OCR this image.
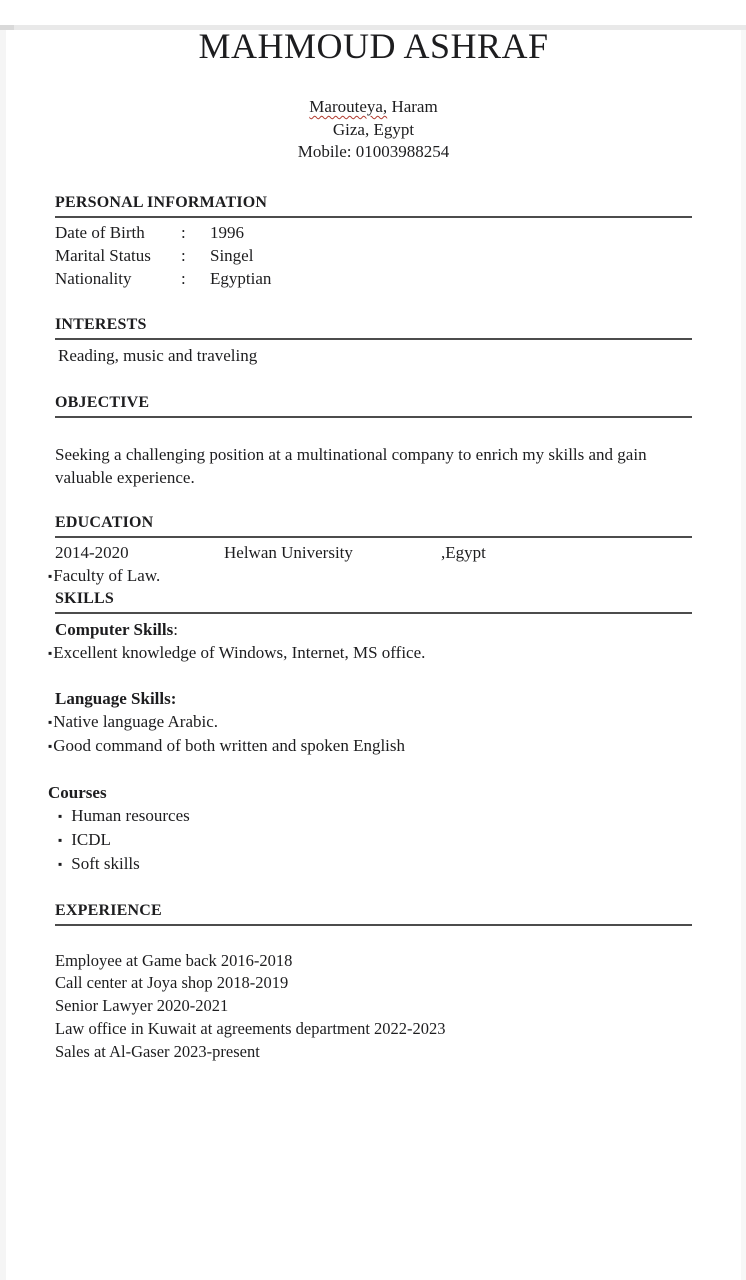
MAHMOUD ASHRAF
Marouteya, Haram
Giza, Egypt
Mobile: 01003988254
PERSONAL INFORMATION
Date of Birth	:	1996
Marital Status	:	Singel
Nationality	:	Egyptian
INTERESTS
Reading, music and traveling
OBJECTIVE

Seeking a challenging position at a multinational company to enrich my skills and gain valuable experience.

EDUCATION
2014-2020	Helwan University	,Egypt
▪ Faculty of Law.
SKILLS
Computer Skills:
▪ Excellent knowledge of Windows, Internet, MS office.
Language Skills:
▪ Native language Arabic.
▪ Good command of both written and spoken English
Courses
▪ Human resources
▪ ICDL
▪ Soft skills
EXPERIENCE
Employee at Game back 2016-2018
Call center at Joya shop 2018-2019
Senior Lawyer 2020-2021
Law office in Kuwait at agreements department 2022-2023
Sales at Al-Gaser 2023-present
